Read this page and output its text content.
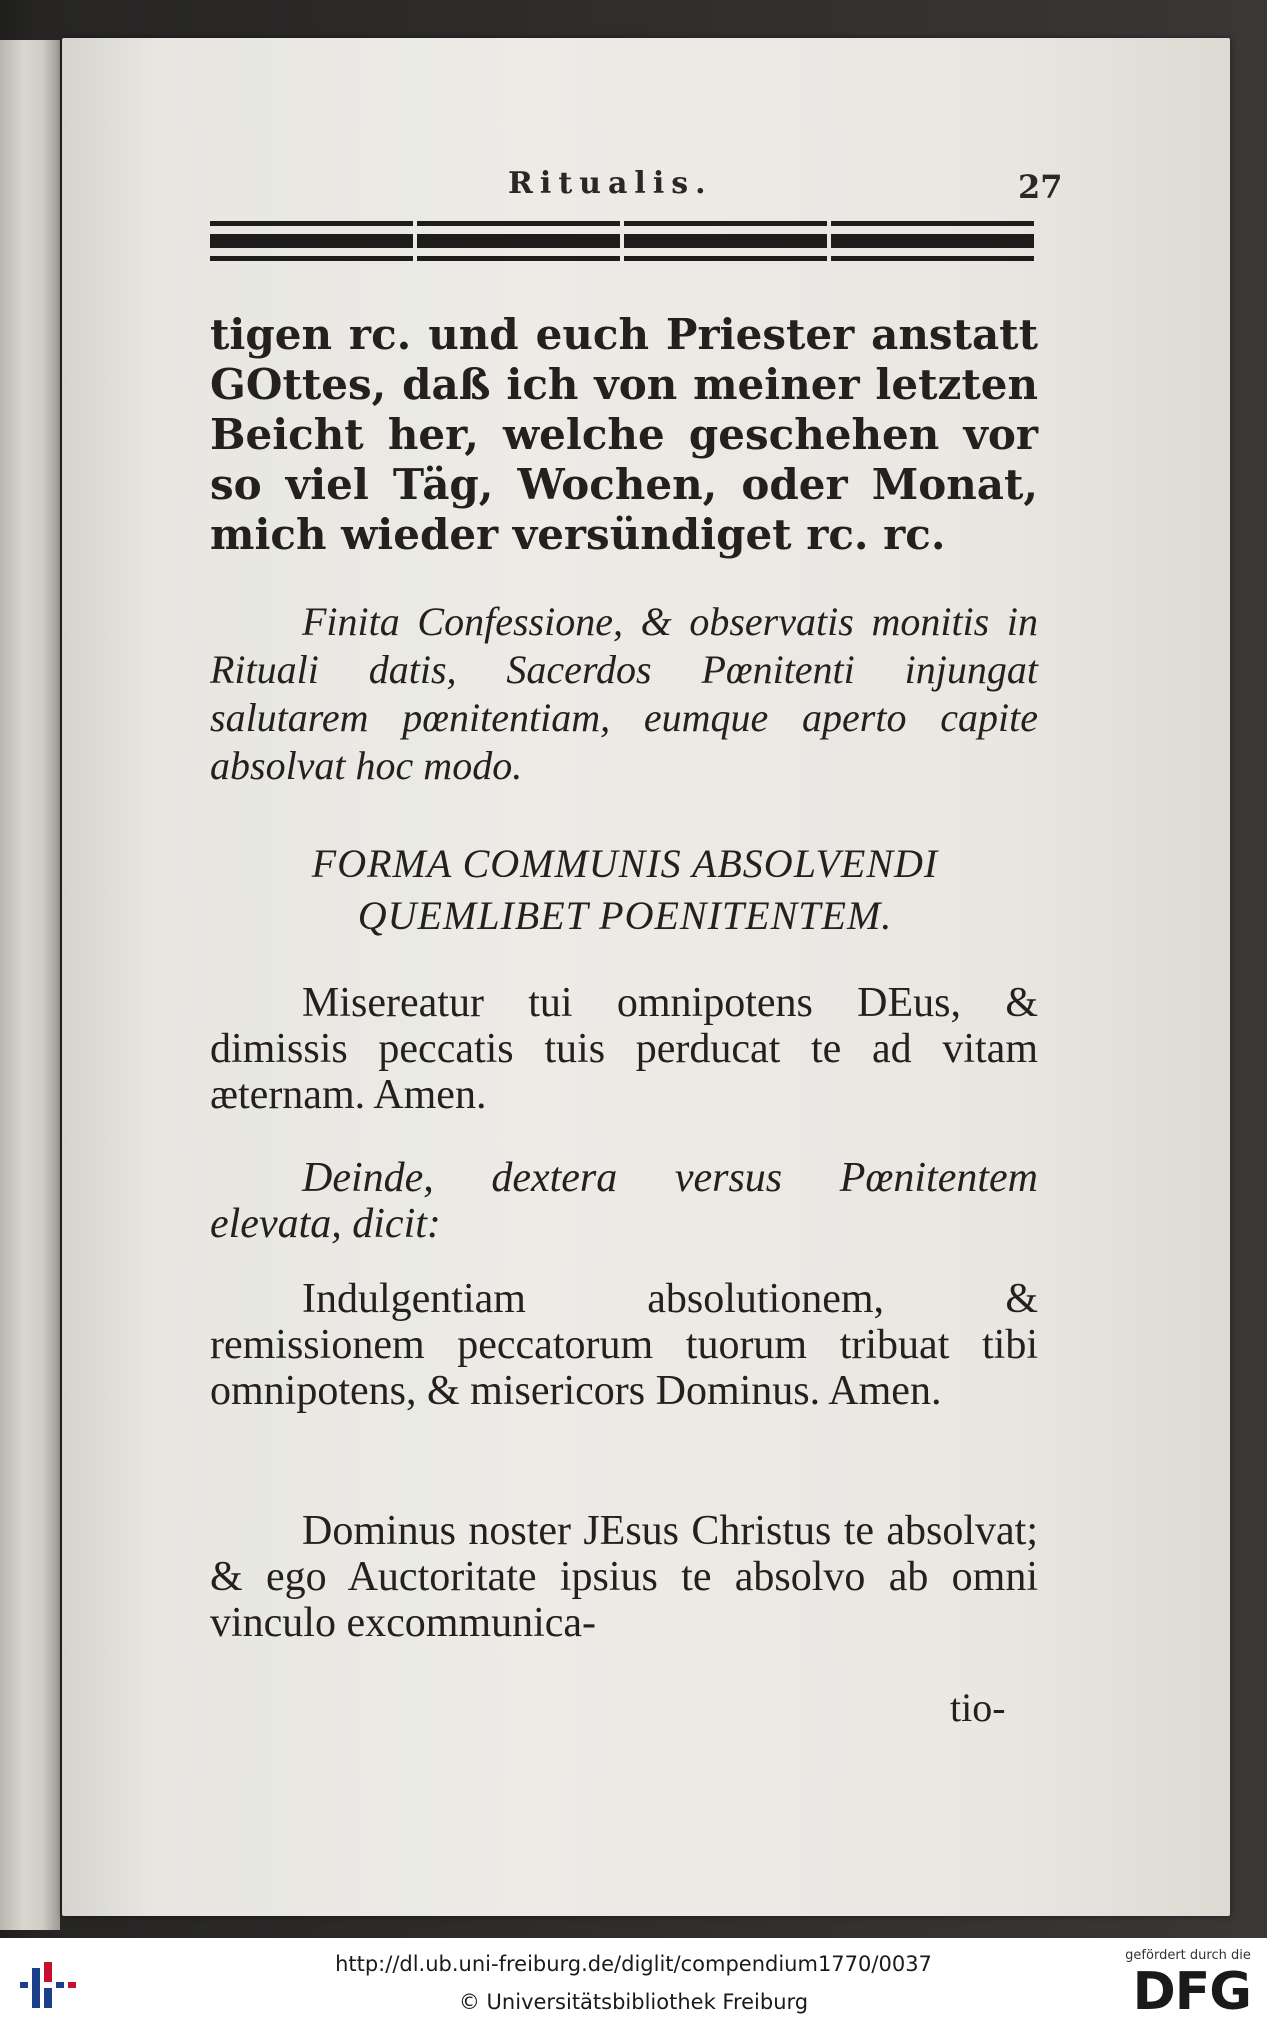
Ritualis.	27
tigen rc. und euch Priester anstatt GOttes, daß ich von meiner letzten Beicht her, welche geschehen vor so viel Täg, Wochen, oder Monat, mich wieder versündiget rc. rc.
Finita Confessione, & observatis monitis in Rituali datis, Sacerdos Pœnitenti injungat salutarem pœnitentiam, eumque aperto capite absolvat hoc modo.
FORMA COMMUNIS ABSOLVENDI
QUEMLIBET POENITENTEM.
Misereatur tui omnipotens DEus, & dimissis peccatis tuis perducat te ad vitam æternam. Amen.
Deinde, dextera versus Pœnitentem elevata, dicit:
Indulgentiam absolutionem, & remissionem peccatorum tuorum tribuat tibi omnipotens, & misericors Dominus. Amen.
Dominus noster JEsus Christus te absolvat; & ego Auctoritate ipsius te absolvo ab omni vinculo excommunica-
tio-
http://dl.ub.uni-freiburg.de/diglit/compendium1770/0037
© Universitätsbibliothek Freiburg
gefördert durch die
DFG
